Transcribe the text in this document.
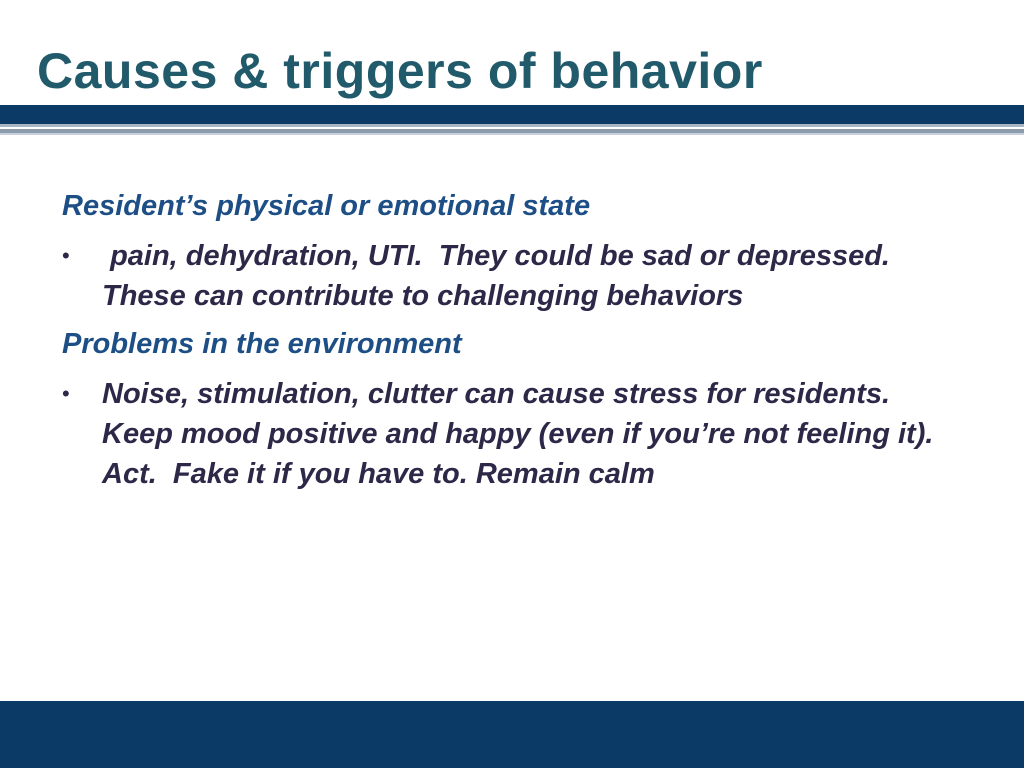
Causes & triggers of behavior

Resident’s physical or emotional state

• pain, dehydration, UTI.  They could be sad or depressed.  These can contribute to challenging behaviors

Problems in the environment

• Noise, stimulation, clutter can cause stress for residents.  Keep mood positive and happy (even if you’re not feeling it). Act.  Fake it if you have to. Remain calm
